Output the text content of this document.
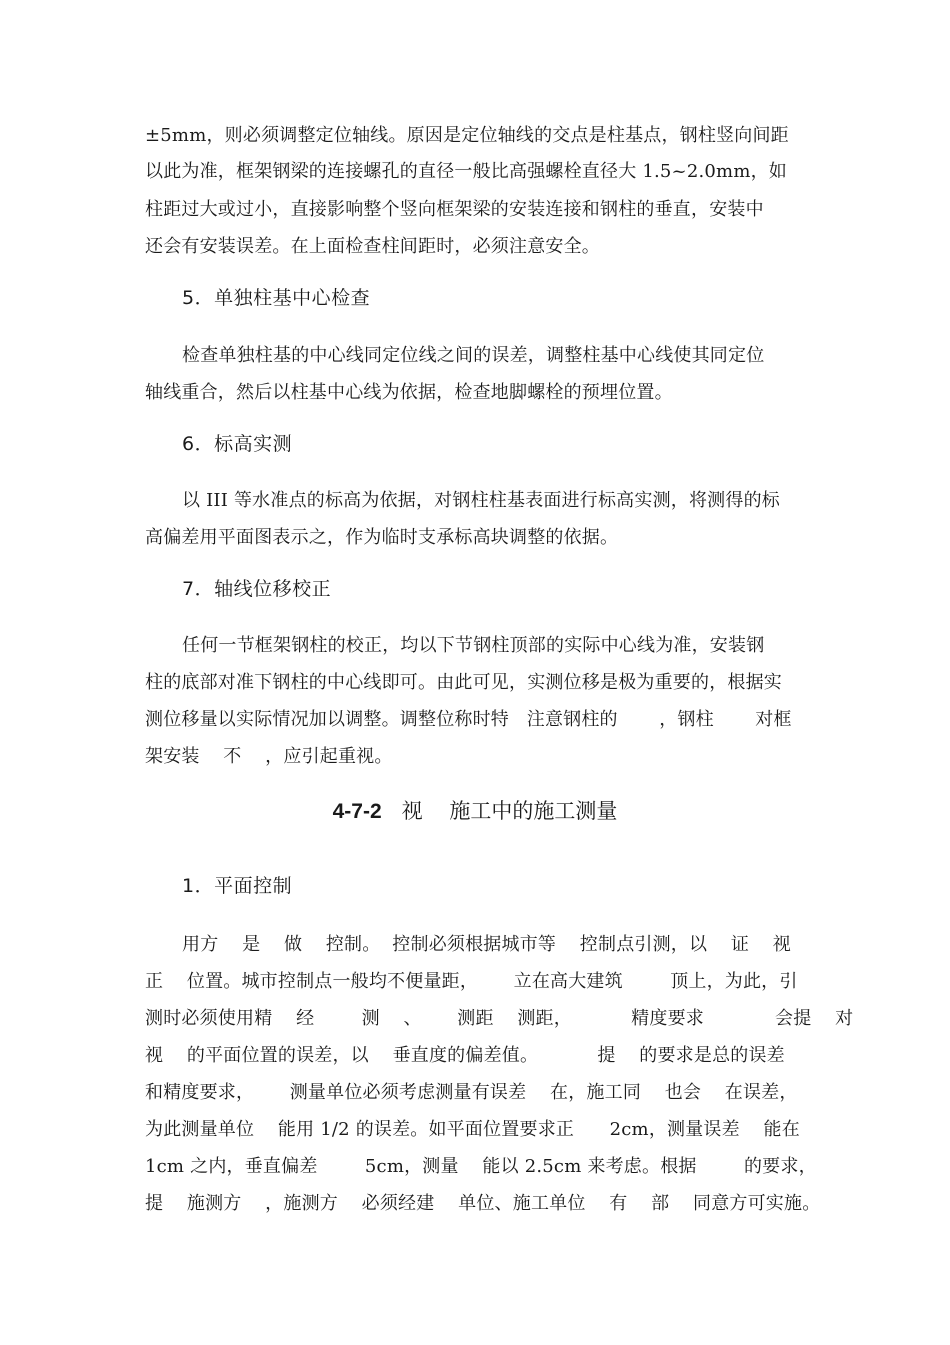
±5mm，则必须调整定位轴线。原因是定位轴线的交点是柱基点，钢柱竖向间距
以此为准，框架钢梁的连接螺孔的直径一般比高强螺栓直径大 1.5~2.0mm，如
柱距过大或过小，直接影响整个竖向框架梁的安装连接和钢柱的垂直，安装中
还会有安装误差。在上面检查柱间距时，必须注意安全。
5．单独柱基中心检查
检查单独柱基的中心线同定位线之间的误差，调整柱基中心线使其同定位
轴线重合，然后以柱基中心线为依据，检查地脚螺栓的预埋位置。
6．标高实测
以 III 等水准点的标高为依据，对钢柱柱基表面进行标高实测，将测得的标
高偏差用平面图表示之，作为临时支承标高块调整的依据。
7．轴线位移校正
任何一节框架钢柱的校正，均以下节钢柱顶部的实际中心线为准，安装钢
柱的底部对准下钢柱的中心线即可。由此可见，实测位移是极为重要的，根据实
测位移量以实际情况加以调整。调整位称时特   注意钢柱的       ，钢柱       对框
架安装    不    ，应引起重视。
4-7-2   视    施工中的施工测量
1．平面控制
用方    是    做    控制。  控制必须根据城市等    控制点引测，以    证    视
正    位置。城市控制点一般均不便量距，      立在高大建筑        顶上，为此，引
测时必须使用精    经        测    、      测距    测距，          精度要求            会提    对
视    的平面位置的误差，以    垂直度的偏差值。          提    的要求是总的误差
和精度要求，      测量单位必须考虑测量有误差    在，施工同    也会    在误差，
为此测量单位    能用 1/2 的误差。如平面位置要求正      2cm，测量误差    能在
1cm 之内，垂直偏差        5cm，测量    能以 2.5cm 来考虑。根据        的要求，
提    施测方    ，施测方    必须经建    单位、施工单位    有    部    同意方可实施。
